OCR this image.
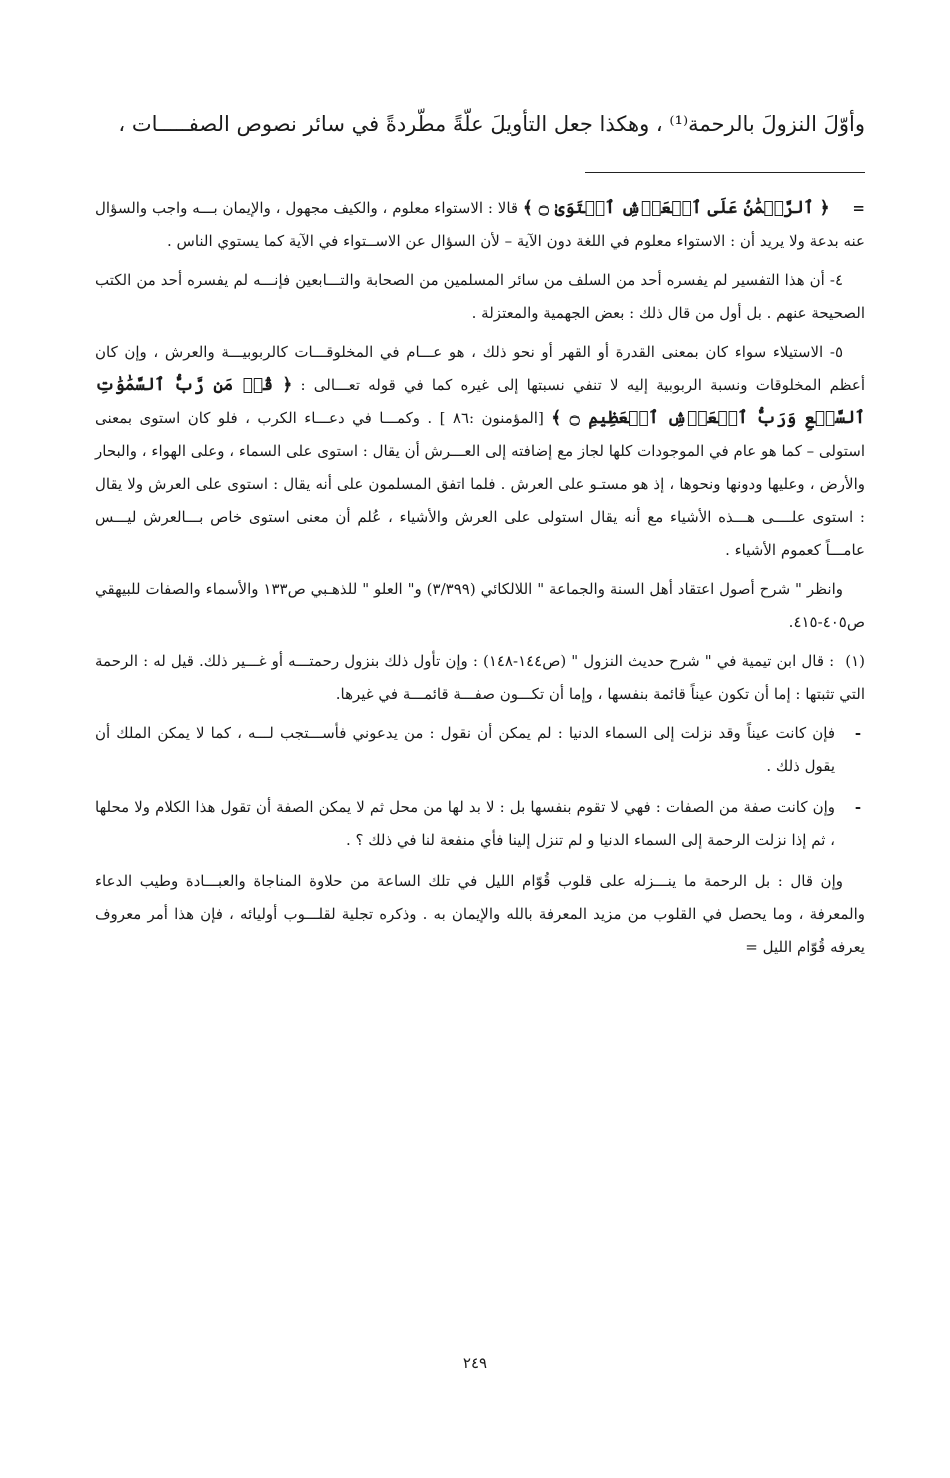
وأوّلَ النزولَ بالرحمة⁽¹⁾ ، وهكذا جعل التأويلَ علّةً مطّردةً في سائر نصوص الصفـــــات ،

= ﴿ ٱلرَّحۡمَٰنُ عَلَى ٱلۡعَرۡشِ ٱسۡتَوَىٰ ۝ ﴾ قالا : الاستواء معلوم ، والكيف مجهول ، والإيمان بـــه واجب والسؤال عنه بدعة ولا يريد أن : الاستواء معلوم في اللغة دون الآية – لأن السؤال عن الاســتواء في الآية كما يستوي الناس .

٤- أن هذا التفسير لم يفسره أحد من السلف من سائر المسلمين من الصحابة والتـــابعين فإنـــه لم يفسره أحد من الكتب الصحيحة عنهم . بل أول من قال ذلك : بعض الجهمية والمعتزلة .

٥- الاستيلاء سواء كان بمعنى القدرة أو القهر أو نحو ذلك ، هو عـــام في المخلوقـــات كالربوبيـــة والعرش ، وإن كان أعظم المخلوقات ونسبة الربوبية إليه لا تنفي نسبتها إلى غيره كما في قوله تعـــالى : ﴿ قُلۡ مَن رَّبُّ ٱلسَّمَٰوَٰتِ ٱلسَّبۡعِ وَرَبُّ ٱلۡعَرۡشِ ٱلۡعَظِيمِ ۝ ﴾ [المؤمنون :٨٦ ] . وكمـــا في دعـــاء الكرب ، فلو كان استوى بمعنى استولى – كما هو عام في الموجودات كلها لجاز مع إضافته إلى العـــرش أن يقال : استوى على السماء ، وعلى الهواء ، والبحار والأرض ، وعليها ودونها ونحوها ، إذ هو مستـو على العرش . فلما اتفق المسلمون على أنه يقال : استوى على العرش ولا يقال : استوى علــــى هـــذه الأشياء مع أنه يقال استولى على العرش والأشياء ، عُلم أن معنى استوى خاص بـــالعرش ليـــس عامـــاً كعموم الأشياء .

وانظر " شرح أصول اعتقاد أهل السنة والجماعة " اللالكائي (٣/٣٩٩) و" العلو " للذهـبي ص١٣٣ والأسماء والصفات للبيهقي ص٤٠٥-٤١٥.

(١) : قال ابن تيمية في " شرح حديث النزول " (ص١٤٤-١٤٨) : وإن تأول ذلك بنزول رحمتـــه أو غـــير ذلك. قيل له : الرحمة التي تثبتها : إما أن تكون عيناً قائمة بنفسها ، وإما أن تكـــون صفـــة قائمـــة في غيرها.

-
فإن كانت عيناً وقد نزلت إلى السماء الدنيا : لم يمكن أن نقول : من يدعوني فأســـتجب لـــه ، كما لا يمكن الملك أن يقول ذلك .
-
وإن كانت صفة من الصفات : فهي لا تقوم بنفسها بل : لا بد لها من محل ثم لا يمكن الصفة أن تقول هذا الكلام ولا محلها ، ثم إذا نزلت الرحمة إلى السماء الدنيا و لم تنزل إلينا فأي منفعة لنا في ذلك ؟ .

وإن قال : بل الرحمة ما ينـــزله على قلوب قُوّام الليل في تلك الساعة من حلاوة المناجاة والعبـــادة وطيب الدعاء والمعرفة ، وما يحصل في القلوب من مزيد المعرفة بالله والإيمان به . وذكره تجلية لقلـــوب أوليائه ، فإن هذا أمر معروف يعرفه قُوّام الليل =

٢٤٩
